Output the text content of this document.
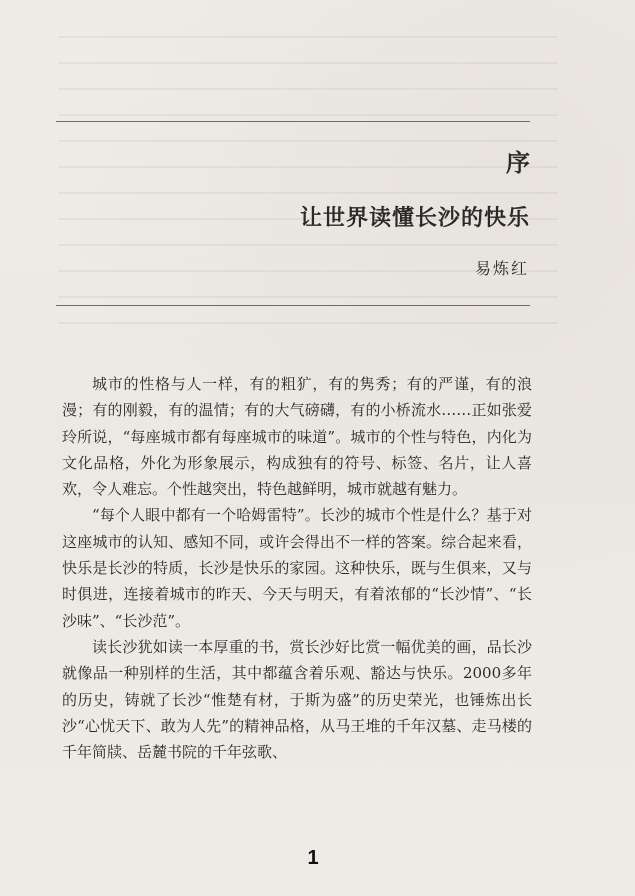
序
让世界读懂长沙的快乐
易炼红

城市的性格与人一样，有的粗犷，有的隽秀；有的严谨，有的浪漫；有的刚毅，有的温情；有的大气磅礴，有的小桥流水……正如张爱玲所说，“每座城市都有每座城市的味道”。城市的个性与特色，内化为文化品格，外化为形象展示，构成独有的符号、标签、名片，让人喜欢，令人难忘。个性越突出，特色越鲜明，城市就越有魅力。

“每个人眼中都有一个哈姆雷特”。长沙的城市个性是什么？基于对这座城市的认知、感知不同，或许会得出不一样的答案。综合起来看，快乐是长沙的特质，长沙是快乐的家园。这种快乐，既与生俱来，又与时俱进，连接着城市的昨天、今天与明天，有着浓郁的“长沙情”、“长沙味”、“长沙范”。

读长沙犹如读一本厚重的书，赏长沙好比赏一幅优美的画，品长沙就像品一种别样的生活，其中都蕴含着乐观、豁达与快乐。2000多年的历史，铸就了长沙“惟楚有材，于斯为盛”的历史荣光，也锤炼出长沙“心忧天下、敢为人先”的精神品格，从马王堆的千年汉墓、走马楼的千年简牍、岳麓书院的千年弦歌、

1
